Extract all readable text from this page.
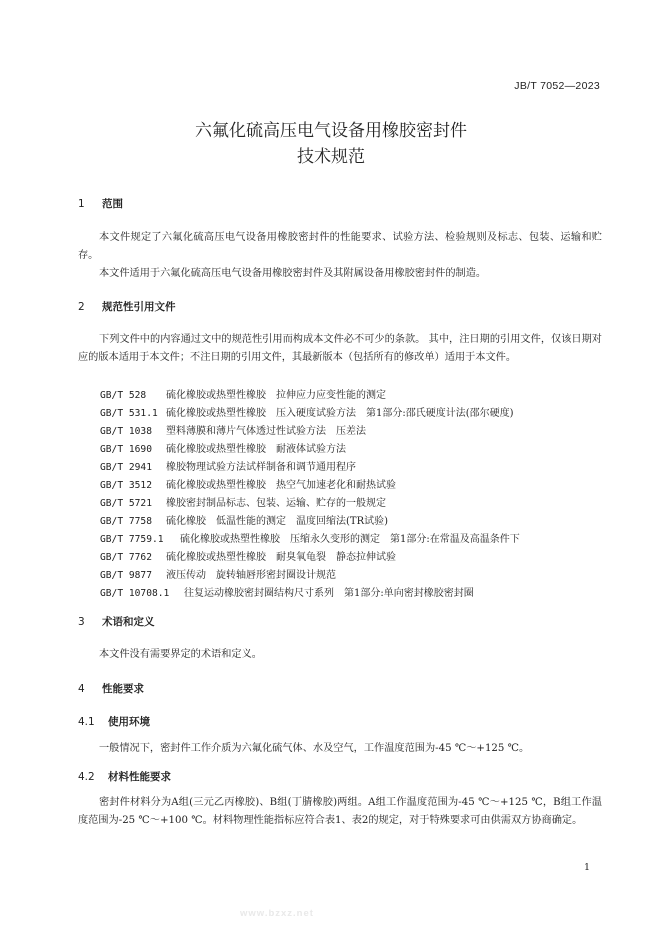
JB/T 7052—2023
六氟化硫高压电气设备用橡胶密封件
技术规范
1 范围
本文件规定了六氟化硫高压电气设备用橡胶密封件的性能要求、试验方法、检验规则及标志、包装、运输和贮存。
本文件适用于六氟化硫高压电气设备用橡胶密封件及其附属设备用橡胶密封件的制造。
2 规范性引用文件
下列文件中的内容通过文中的规范性引用而构成本文件必不可少的条款。 其中，注日期的引用文件，仅该日期对应的版本适用于本文件；不注日期的引用文件，其最新版本（包括所有的修改单）适用于本文件。
GB/T 528 硫化橡胶或热塑性橡胶　拉伸应力应变性能的测定
GB/T 531.1 硫化橡胶或热塑性橡胶　压入硬度试验方法　第1部分:邵氏硬度计法(邵尔硬度)
GB/T 1038 塑料薄膜和薄片气体透过性试验方法　压差法
GB/T 1690 硫化橡胶或热塑性橡胶　耐液体试验方法
GB/T 2941 橡胶物理试验方法试样制备和调节通用程序
GB/T 3512 硫化橡胶或热塑性橡胶　热空气加速老化和耐热试验
GB/T 5721 橡胶密封制品标志、包装、运输、贮存的一般规定
GB/T 7758 硫化橡胶　低温性能的测定　温度回缩法(TR试验)
GB/T 7759.1 硫化橡胶或热塑性橡胶　压缩永久变形的测定　第1部分:在常温及高温条件下
GB/T 7762 硫化橡胶或热塑性橡胶　耐臭氧龟裂　静态拉伸试验
GB/T 9877 液压传动　旋转轴唇形密封圈设计规范
GB/T 10708.1 往复运动橡胶密封圈结构尺寸系列　第1部分:单向密封橡胶密封圈
3 术语和定义
本文件没有需要界定的术语和定义。
4 性能要求
4.1 使用环境
一般情况下，密封件工作介质为六氟化硫气体、水及空气，工作温度范围为-45 ℃～+125 ℃。
4.2 材料性能要求
密封件材料分为A组(三元乙丙橡胶)、B组(丁腈橡胶)两组。A组工作温度范围为-45 ℃～+125 ℃，B组工作温度范围为-25 ℃～+100 ℃。材料物理性能指标应符合表1、表2的规定，对于特殊要求可由供需双方协商确定。
1
www.bzxz.net
